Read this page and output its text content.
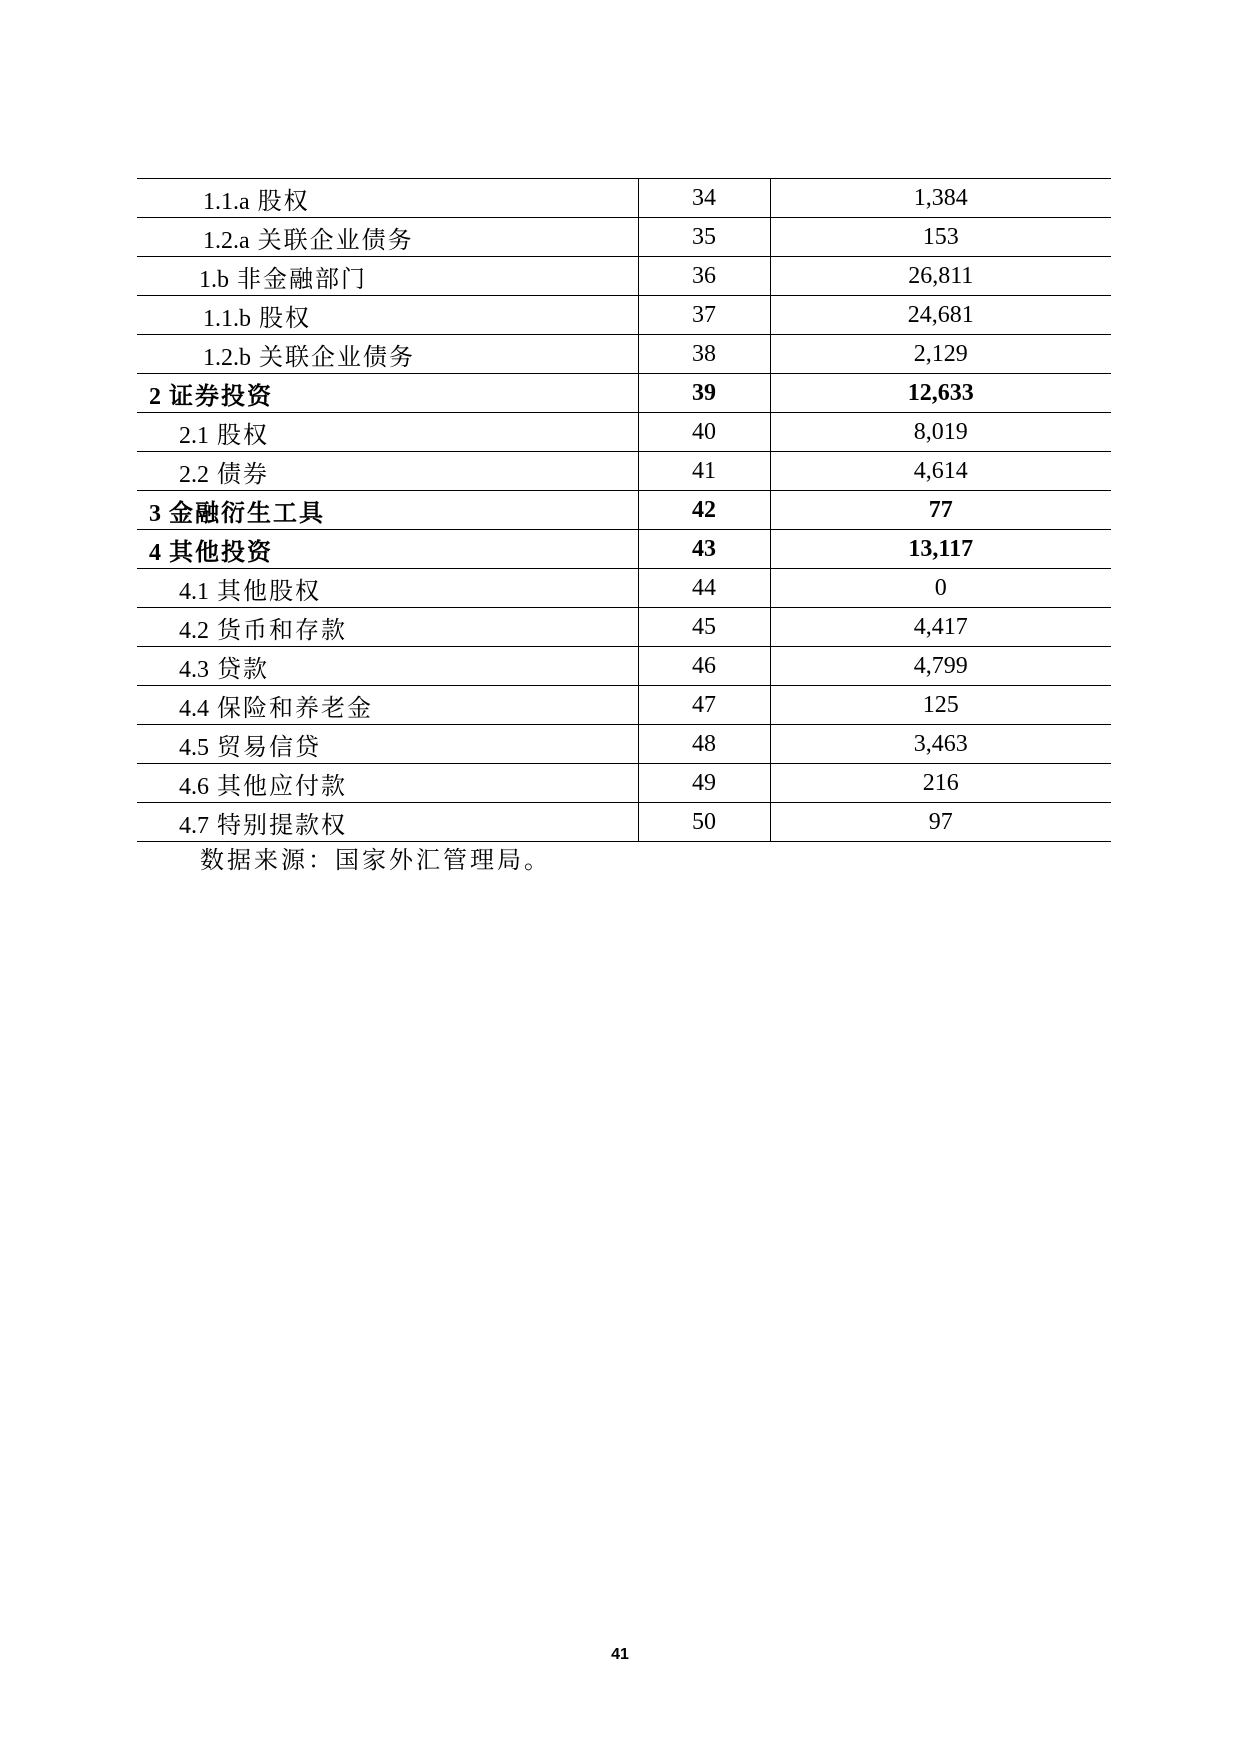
1.1.a 股权	34	1,384
1.2.a 关联企业债务	35	153
1.b 非金融部门	36	26,811
1.1.b 股权	37	24,681
1.2.b 关联企业债务	38	2,129
2 证券投资	39	12,633
2.1 股权	40	8,019
2.2 债券	41	4,614
3 金融衍生工具	42	77
4 其他投资	43	13,117
4.1 其他股权	44	0
4.2 货币和存款	45	4,417
4.3 贷款	46	4,799
4.4 保险和养老金	47	125
4.5 贸易信贷	48	3,463
4.6 其他应付款	49	216
4.7 特别提款权	50	97
数据来源：国家外汇管理局。
41
